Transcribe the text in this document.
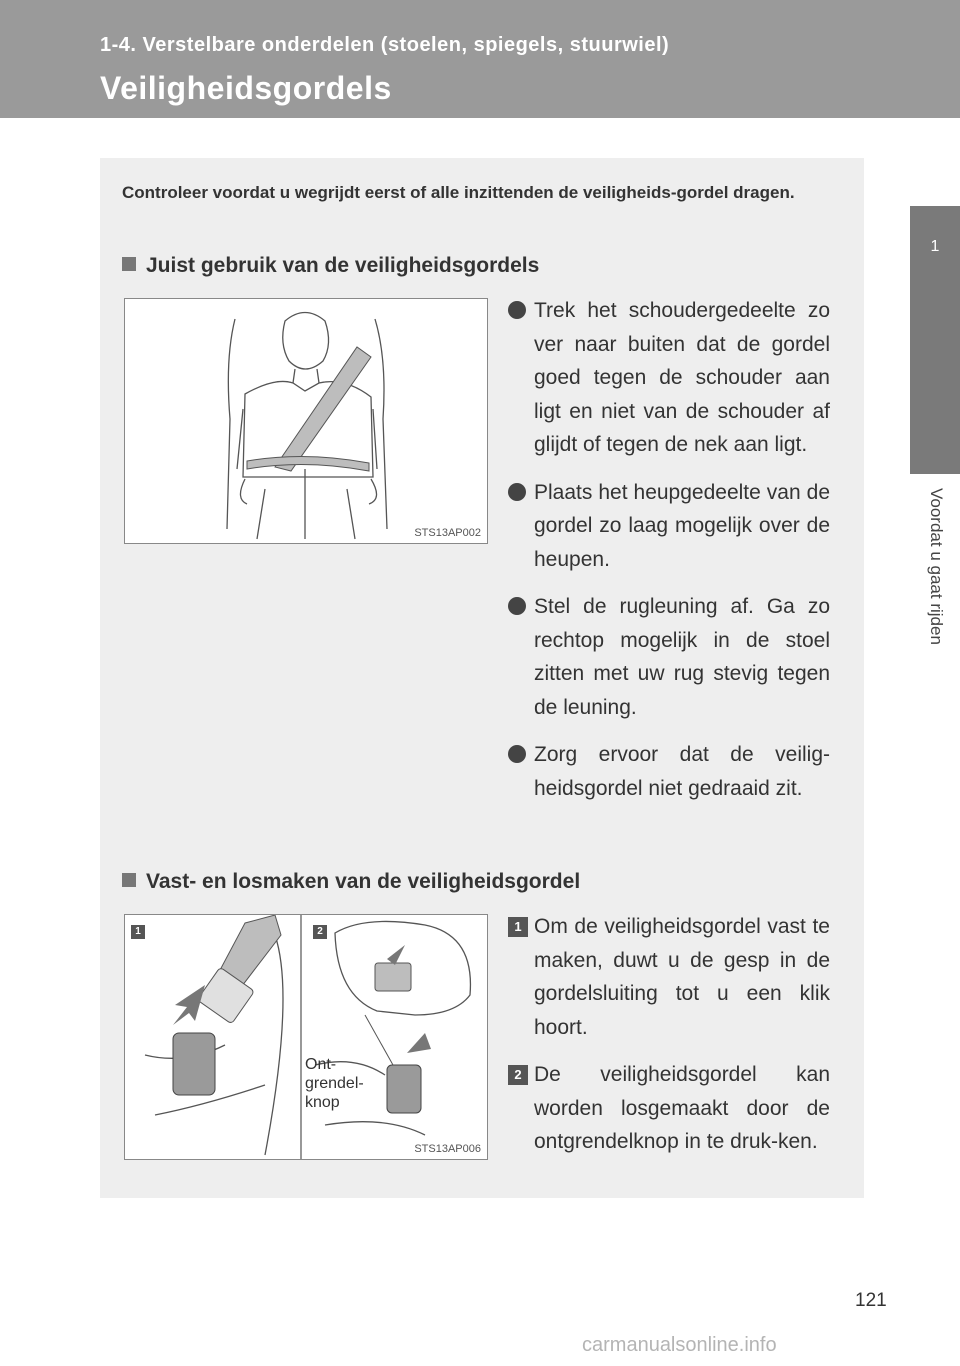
1-4. Verstelbare onderdelen (stoelen, spiegels, stuurwiel)
Veiligheidsgordels
1
Voordat u gaat rijden
Controleer voordat u wegrijdt eerst of alle inzittenden de veiligheids-gordel dragen.
Juist gebruik van de veiligheidsgordels
STS13AP002
Trek het schoudergedeelte zo ver naar buiten dat de gordel goed tegen de schouder aan ligt en niet van de schouder af glijdt of tegen de nek aan ligt.
Plaats het heupgedeelte van de gordel zo laag mogelijk over de heupen.
Stel de rugleuning af. Ga zo rechtop mogelijk in de stoel zitten met uw rug stevig tegen de leuning.
Zorg ervoor dat de veilig-heidsgordel niet gedraaid zit.
Vast- en losmaken van de veiligheidsgordel
1	2
Ont-
grendel-
knop
STS13AP006
1 Om de veiligheidsgordel vast te maken, duwt u de gesp in de gordelsluiting tot u een klik hoort.
2 De veiligheidsgordel kan worden losgemaakt door de ontgrendelknop in te druk-ken.
121
carmanualsonline.info
